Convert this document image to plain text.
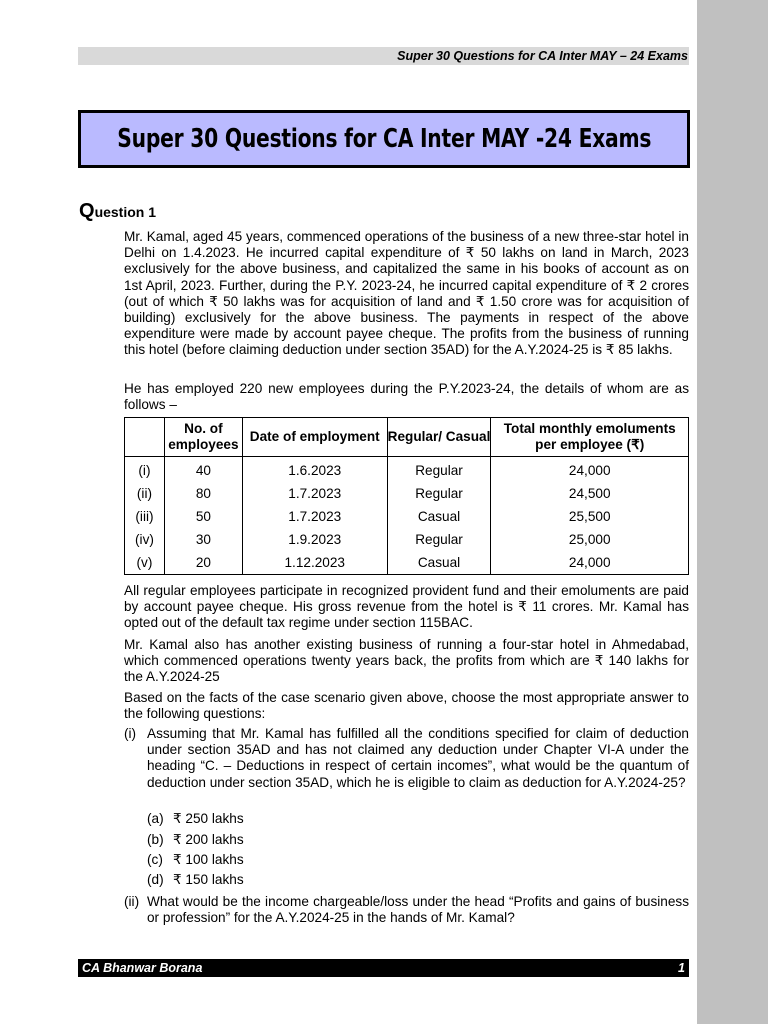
Super 30 Questions for CA Inter MAY – 24 Exams
Super 30 Questions for CA Inter MAY -24 Exams
Question 1

Mr. Kamal, aged 45 years, commenced operations of the business of a new three-star hotel in Delhi on 1.4.2023. He incurred capital expenditure of ₹ 50 lakhs on land in March, 2023 exclusively for the above business, and capitalized the same in his books of account as on 1st April, 2023. Further, during the P.Y. 2023-24, he incurred capital expenditure of ₹ 2 crores (out of which ₹ 50 lakhs was for acquisition of land and ₹ 1.50 crore was for acquisition of building) exclusively for the above business. The payments in respect of the above expenditure were made by account payee cheque. The profits from the business of running this hotel (before claiming deduction under section 35AD) for the A.Y.2024-25 is ₹ 85 lakhs.

He has employed 220 new employees during the P.Y.2023-24, the details of whom are as follows –

	No. of employees	Date of employment	Regular/ Casual	Total monthly emoluments per employee (₹)
(i)	40	1.6.2023	Regular	24,000
(ii)	80	1.7.2023	Regular	24,500
(iii)	50	1.7.2023	Casual	25,500
(iv)	30	1.9.2023	Regular	25,000
(v)	20	1.12.2023	Casual	24,000

All regular employees participate in recognized provident fund and their emoluments are paid by account payee cheque. His gross revenue from the hotel is ₹ 11 crores. Mr. Kamal has opted out of the default tax regime under section 115BAC.

Mr. Kamal also has another existing business of running a four-star hotel in Ahmedabad, which commenced operations twenty years back, the profits from which are ₹ 140 lakhs for the A.Y.2024-25

Based on the facts of the case scenario given above, choose the most appropriate answer to the following questions:

(i) Assuming that Mr. Kamal has fulfilled all the conditions specified for claim of deduction under section 35AD and has not claimed any deduction under Chapter VI-A under the heading “C. – Deductions in respect of certain incomes”, what would be the quantum of deduction under section 35AD, which he is eligible to claim as deduction for A.Y.2024-25?
(a) ₹ 250 lakhs
(b) ₹ 200 lakhs
(c) ₹ 100 lakhs
(d) ₹ 150 lakhs
(ii) What would be the income chargeable/loss under the head “Profits and gains of business or profession” for the A.Y.2024-25 in the hands of Mr. Kamal?
CA Bhanwar Borana	1
